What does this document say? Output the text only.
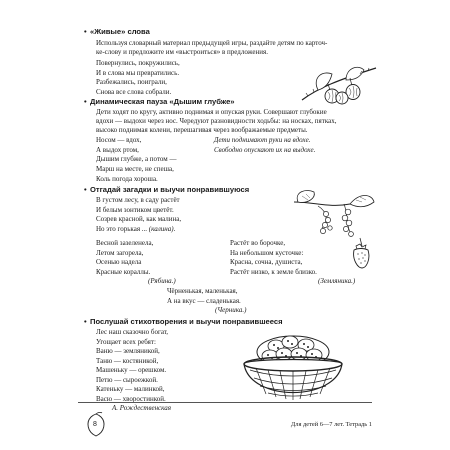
• «Живые» слова
Используя словарный материал предыдущей игры, раздайте детям по карточ-
ке-слову и предложите им «выстроиться» в предложения.
Повернулись, покружились,
И в слова мы превратились.
Разбежались, поиграли,
Снова все слова собрали.
• Динамическая пауза «Дышим глубже»
Дети ходят по кругу, активно поднимая и опуская руки. Совершают глубокие
вдохи — выдохи через нос. Чередуют разновидности ходьбы: на носках, пятках,
высоко поднимая колени, перешагивая через воображаемые предметы.
Носом — вдох,
А выдох ртом,
Дышим глубже, а потом —
Марш на месте, не спеша,
Коль погода хороша.
Дети поднимают руки на вдохе.
Свободно опускают их на выдохе.
• Отгадай загадки и выучи понравившуюся
В густом лесу, в саду растёт
И белым зонтиком цветёт.
Созрев красной, как малина,
Но это горькая ... (калина).
Весной зазеленела,
Летом загорела,
Осенью надела
Красные кораллы.
(Рябина.)
Растёт во борочке,
На небольшом кусточке:
Красна, сочна, душиста,
Растёт низко, к земле близко.
(Земляника.)
Чёрненькая, маленькая,
А на вкус — сладенькая.
(Черника.)
• Послушай стихотворения и выучи понравившееся
Лес наш сказочно богат,
Угощает всех ребят:
Ваню — земляникой,
Таню — костяникой,
Машеньку — орешком.
Петю — сыроежкой.
Катеньку — малинкой,
Васю — хворостинкой.
А. Рождественская
8	Для детей 6—7 лет. Тетрадь 1
